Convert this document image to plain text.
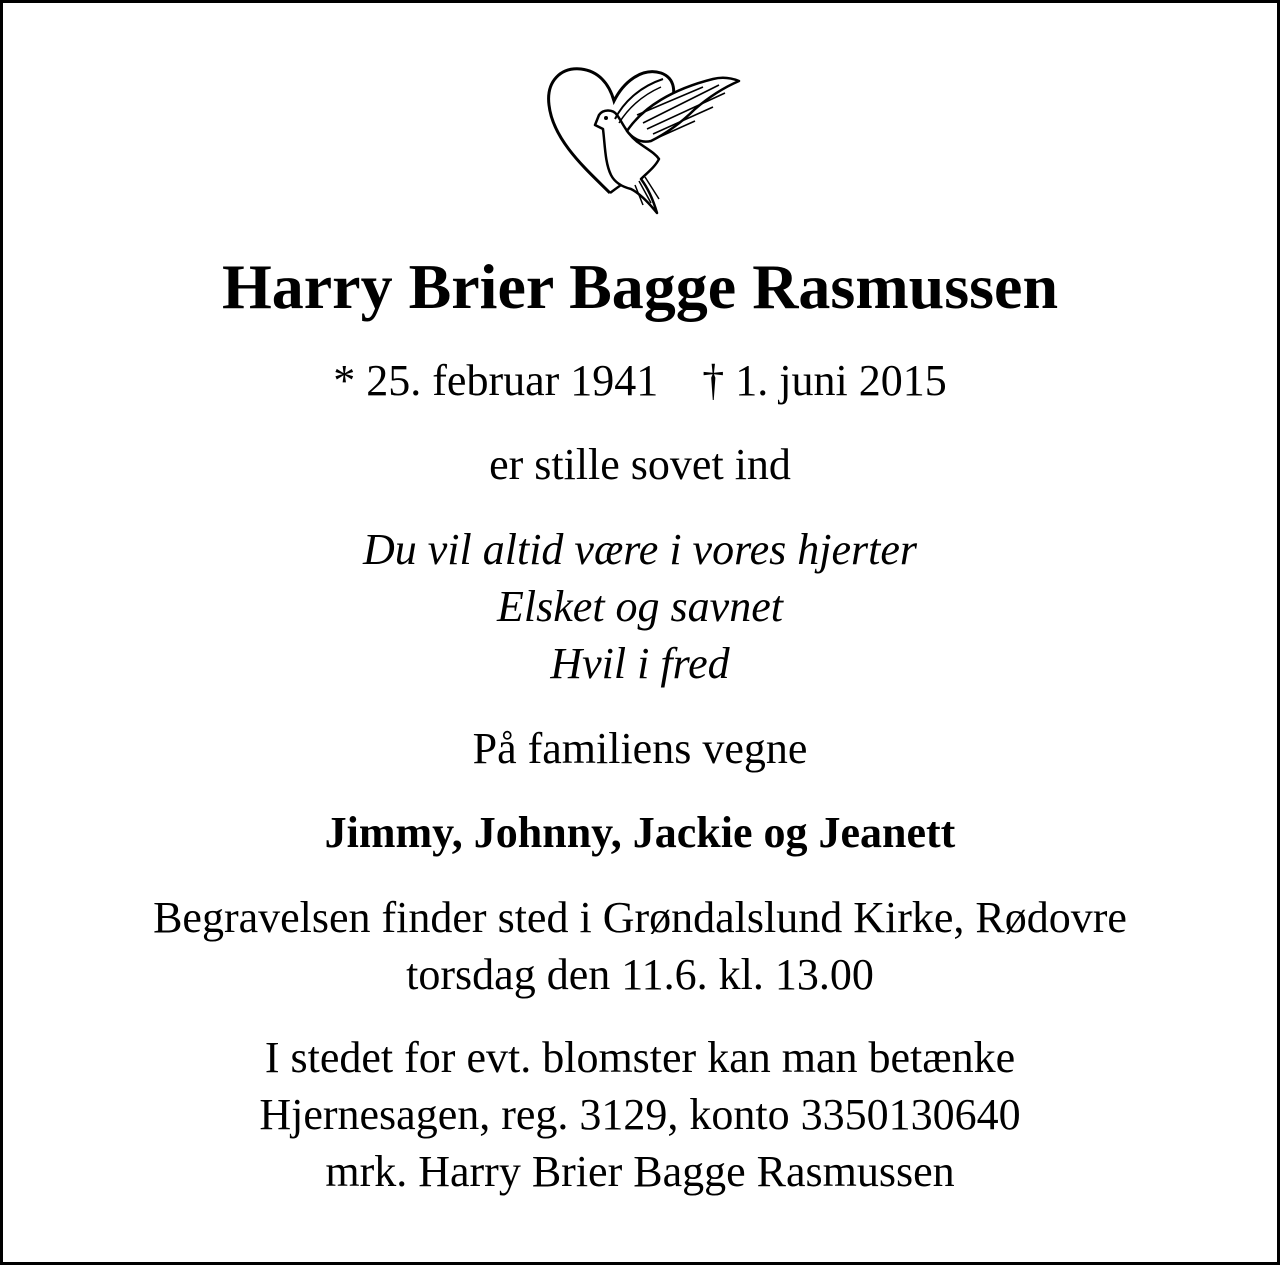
Harry Brier Bagge Rasmussen
* 25. februar 1941 † 1. juni 2015
er stille sovet ind
Du vil altid være i vores hjerter
Elsket og savnet
Hvil i fred
På familiens vegne
Jimmy, Johnny, Jackie og Jeanett
Begravelsen finder sted i Grøndalslund Kirke, Rødovre
torsdag den 11.6. kl. 13.00
I stedet for evt. blomster kan man betænke
Hjernesagen, reg. 3129, konto 3350130640
mrk. Harry Brier Bagge Rasmussen
